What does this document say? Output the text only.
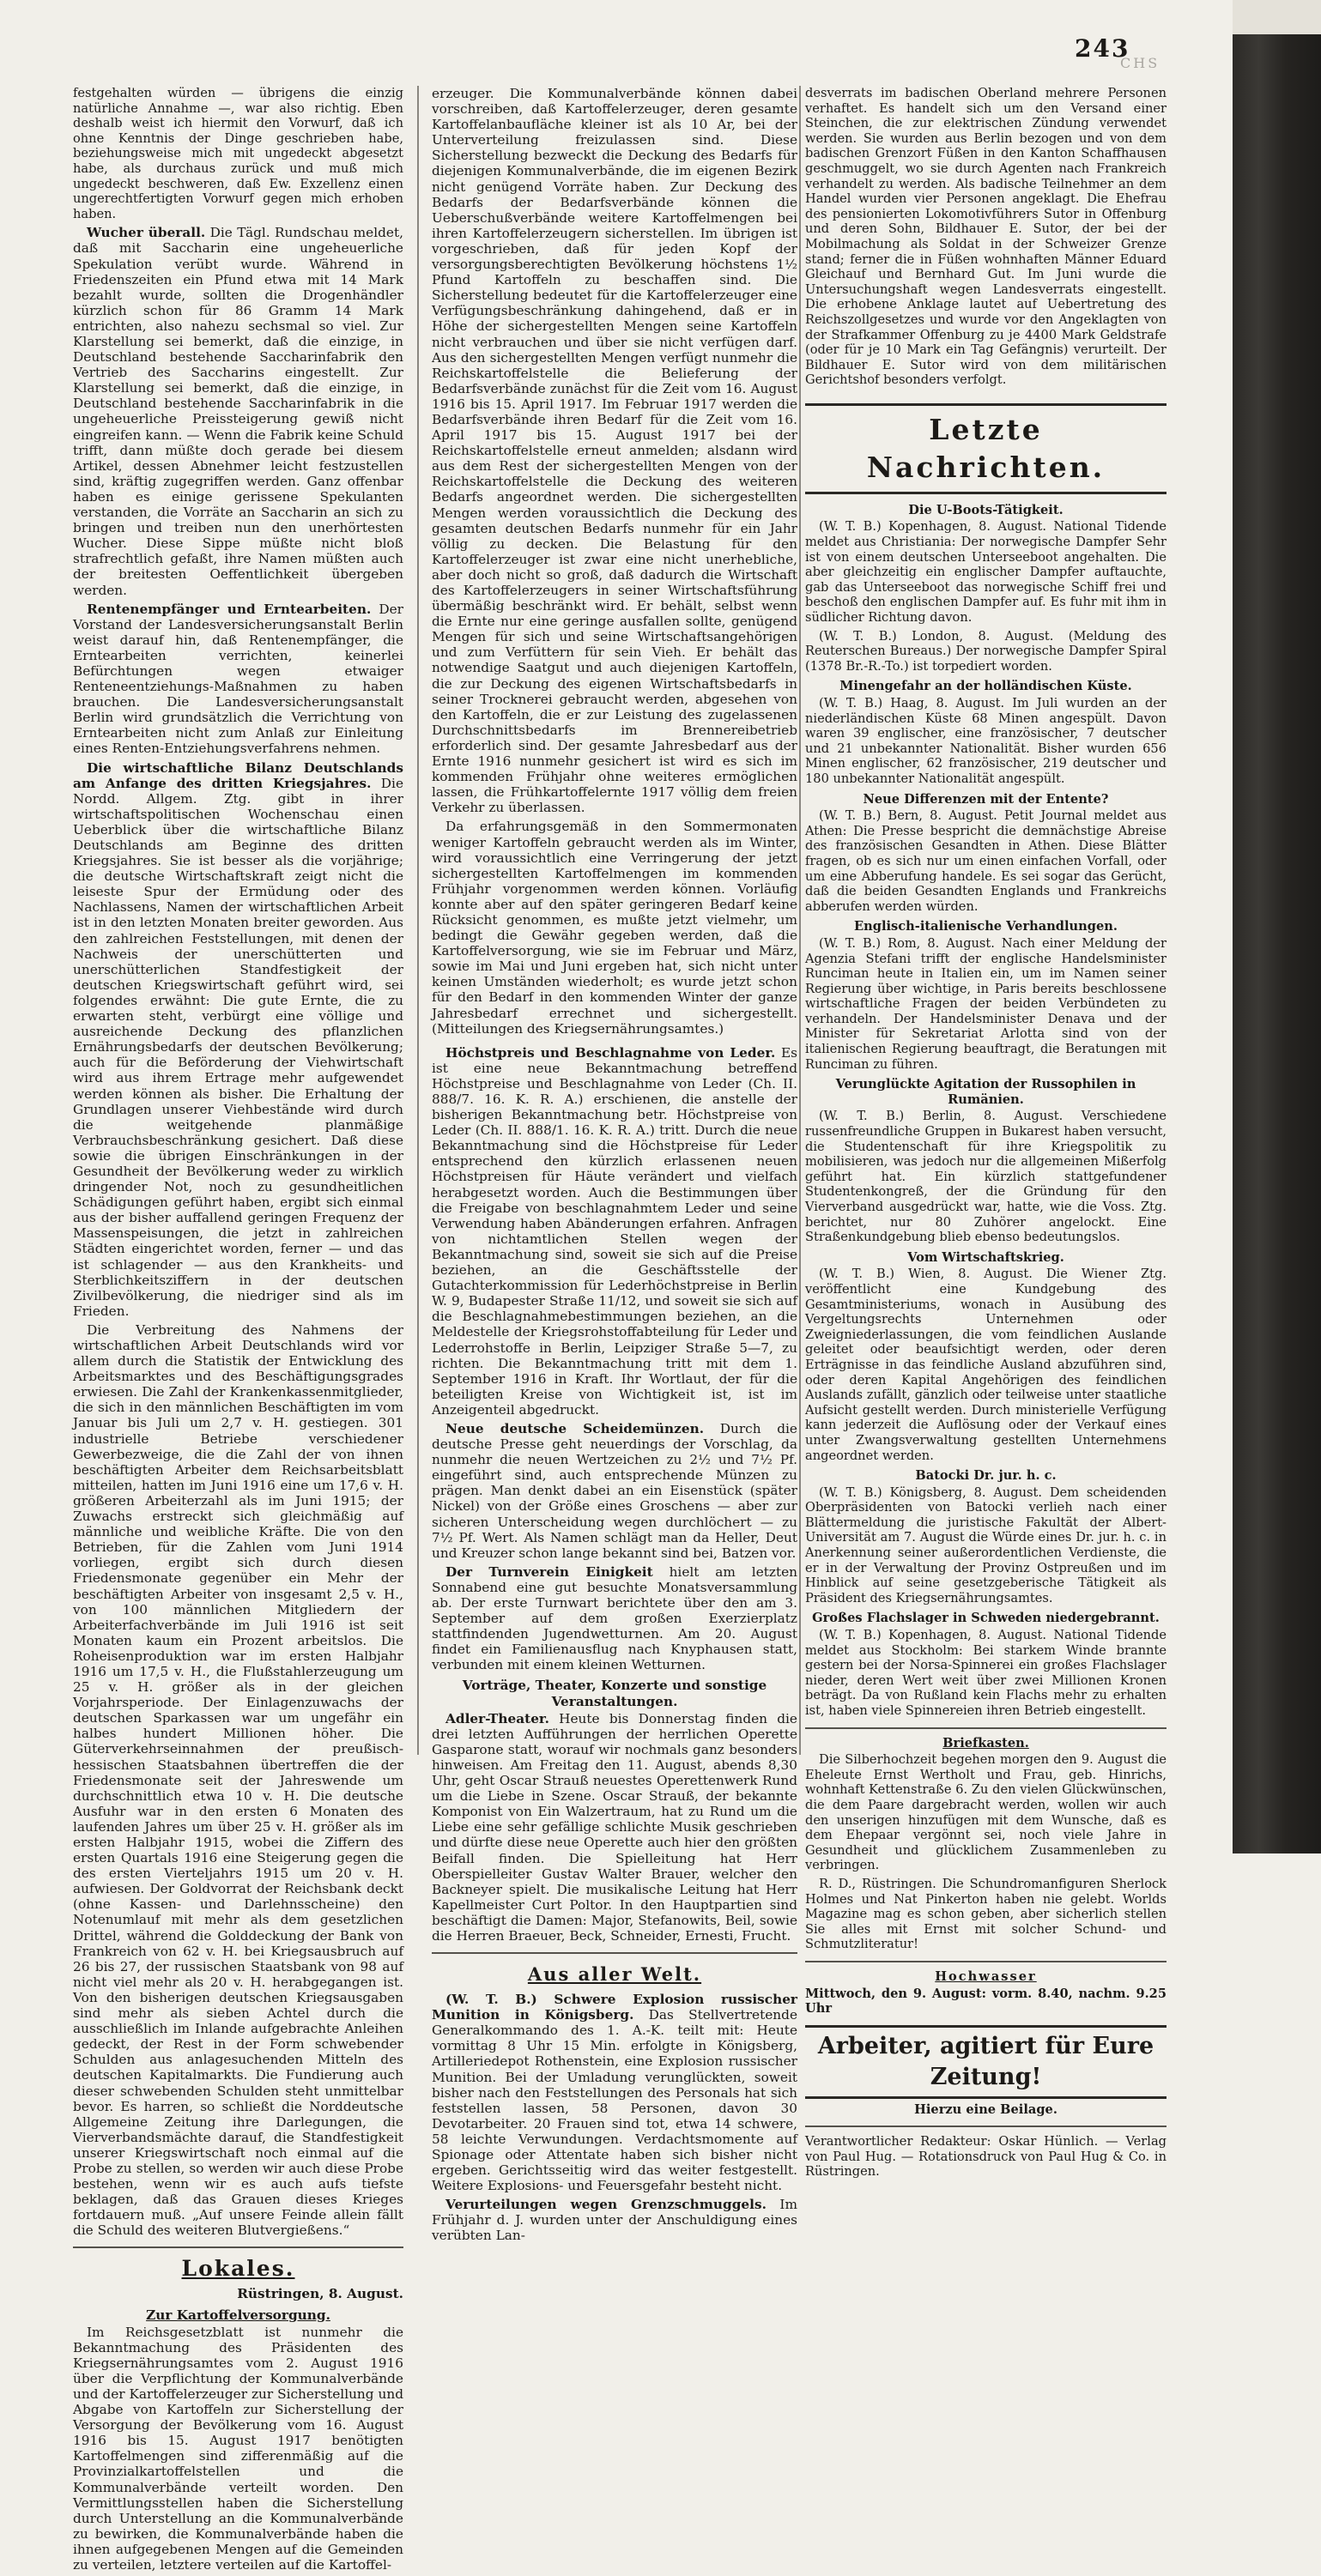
243
CHS

festgehalten würden — übrigens die einzig natürliche Annahme —, war also richtig. Eben deshalb weist ich hiermit den Vorwurf, daß ich ohne Kenntnis der Dinge geschrieben habe, beziehungsweise mich mit ungedeckt abgesetzt habe, als durchaus zurück und muß mich ungedeckt beschweren, daß Ew. Exzellenz einen ungerechtfertigten Vorwurf gegen mich erhoben haben.

Wucher überall. Die Tägl. Rundschau meldet, daß mit Saccharin eine ungeheuerliche Spekulation verübt wurde. Während in Friedenszeiten ein Pfund etwa mit 14 Mark bezahlt wurde, sollten die Drogenhändler kürzlich schon für 86 Gramm 14 Mark entrichten, also nahezu sechsmal so viel. Zur Klarstellung sei bemerkt, daß die einzige, in Deutschland bestehende Saccharinfabrik den Vertrieb des Saccharins eingestellt. Zur Klarstellung sei bemerkt, daß die einzige, in Deutschland bestehende Saccharinfabrik in die ungeheuerliche Preissteigerung gewiß nicht eingreifen kann. — Wenn die Fabrik keine Schuld trifft, dann müßte doch gerade bei diesem Artikel, dessen Abnehmer leicht festzustellen sind, kräftig zugegriffen werden. Ganz offenbar haben es einige gerissene Spekulanten verstanden, die Vorräte an Saccharin an sich zu bringen und treiben nun den unerhörtesten Wucher. Diese Sippe müßte nicht bloß strafrechtlich gefaßt, ihre Namen müßten auch der breitesten Oeffentlichkeit übergeben werden.

Rentenempfänger und Erntearbeiten. Der Vorstand der Landesversicherungsanstalt Berlin weist darauf hin, daß Rentenempfänger, die Erntearbeiten verrichten, keinerlei Befürchtungen wegen etwaiger Renteneentziehungs-Maßnahmen zu haben brauchen. Die Landesversicherungsanstalt Berlin wird grundsätzlich die Verrichtung von Erntearbeiten nicht zum Anlaß zur Einleitung eines Renten-Entziehungsverfahrens nehmen.

Die wirtschaftliche Bilanz Deutschlands am Anfange des dritten Kriegsjahres. Die Nordd. Allgem. Ztg. gibt in ihrer wirtschaftspolitischen Wochenschau einen Ueberblick über die wirtschaftliche Bilanz Deutschlands am Beginne des dritten Kriegsjahres. Sie ist besser als die vorjährige; die deutsche Wirtschaftskraft zeigt nicht die leiseste Spur der Ermüdung oder des Nachlassens, Namen der wirtschaftlichen Arbeit ist in den letzten Monaten breiter geworden. Aus den zahlreichen Feststellungen, mit denen der Nachweis der unerschütterten und unerschütterlichen Standfestigkeit der deutschen Kriegswirtschaft geführt wird, sei folgendes erwähnt: Die gute Ernte, die zu erwarten steht, verbürgt eine völlige und ausreichende Deckung des pflanzlichen Ernährungsbedarfs der deutschen Bevölkerung; auch für die Beförderung der Viehwirtschaft wird aus ihrem Ertrage mehr aufgewendet werden können als bisher. Die Erhaltung der Grundlagen unserer Viehbestände wird durch die weitgehende planmäßige Verbrauchsbeschränkung gesichert. Daß diese sowie die übrigen Einschränkungen in der Gesundheit der Bevölkerung weder zu wirklich dringender Not, noch zu gesundheitlichen Schädigungen geführt haben, ergibt sich einmal aus der bisher auffallend geringen Frequenz der Massenspeisungen, die jetzt in zahlreichen Städten eingerichtet worden, ferner — und das ist schlagender — aus den Krankheits- und Sterblichkeitsziffern in der deutschen Zivilbevölkerung, die niedriger sind als im Frieden.

Die Verbreitung des Nahmens der wirtschaftlichen Arbeit Deutschlands wird vor allem durch die Statistik der Entwicklung des Arbeitsmarktes und des Beschäftigungsgrades erwiesen. Die Zahl der Krankenkassenmitglieder, die sich in den männlichen Beschäftigten im vom Januar bis Juli um 2,7 v. H. gestiegen. 301 industrielle Betriebe verschiedener Gewerbezweige, die die Zahl der von ihnen beschäftigten Arbeiter dem Reichsarbeitsblatt mitteilen, hatten im Juni 1916 eine um 17,6 v. H. größeren Arbeiterzahl als im Juni 1915; der Zuwachs erstreckt sich gleichmäßig auf männliche und weibliche Kräfte. Die von den Betrieben, für die Zahlen vom Juni 1914 vorliegen, ergibt sich durch diesen Friedensmonate gegenüber ein Mehr der beschäftigten Arbeiter von insgesamt 2,5 v. H., von 100 männlichen Mitgliedern der Arbeiterfachverbände im Juli 1916 ist seit Monaten kaum ein Prozent arbeitslos. Die Roheisenproduktion war im ersten Halbjahr 1916 um 17,5 v. H., die Flußstahlerzeugung um 25 v. H. größer als in der gleichen Vorjahrsperiode. Der Einlagenzuwachs der deutschen Sparkassen war um ungefähr ein halbes hundert Millionen höher. Die Güterverkehrseinnahmen der preußisch-hessischen Staatsbahnen übertreffen die der Friedensmonate seit der Jahreswende um durchschnittlich etwa 10 v. H. Die deutsche Ausfuhr war in den ersten 6 Monaten des laufenden Jahres um über 25 v. H. größer als im ersten Halbjahr 1915, wobei die Ziffern des ersten Quartals 1916 eine Steigerung gegen die des ersten Vierteljahrs 1915 um 20 v. H. aufwiesen. Der Goldvorrat der Reichsbank deckt (ohne Kassen- und Darlehnsscheine) den Notenumlauf mit mehr als dem gesetzlichen Drittel, während die Golddeckung der Bank von Frankreich von 62 v. H. bei Kriegsausbruch auf 26 bis 27, der russischen Staatsbank von 98 auf nicht viel mehr als 20 v. H. herabgegangen ist. Von den bisherigen deutschen Kriegsausgaben sind mehr als sieben Achtel durch die ausschließlich im Inlande aufgebrachte Anleihen gedeckt, der Rest in der Form schwebender Schulden aus anlagesuchenden Mitteln des deutschen Kapitalmarkts. Die Fundierung auch dieser schwebenden Schulden steht unmittelbar bevor. Es harren, so schließt die Norddeutsche Allgemeine Zeitung ihre Darlegungen, die Vierverbandsmächte darauf, die Standfestigkeit unserer Kriegswirtschaft noch einmal auf die Probe zu stellen, so werden wir auch diese Probe bestehen, wenn wir es auch aufs tiefste beklagen, daß das Grauen dieses Krieges fortdauern muß. „Auf unsere Feinde allein fällt die Schuld des weiteren Blutvergießens.“

Lokales.

Rüstringen, 8. August.

Zur Kartoffelversorgung.

Im Reichsgesetzblatt ist nunmehr die Bekanntmachung des Präsidenten des Kriegsernährungsamtes vom 2. August 1916 über die Verpflichtung der Kommunalverbände und der Kartoffelerzeuger zur Sicherstellung und Abgabe von Kartoffeln zur Sicherstellung der Versorgung der Bevölkerung vom 16. August 1916 bis 15. August 1917 benötigten Kartoffelmengen sind zifferenmäßig auf die Provinzialkartoffelstellen und die Kommunalverbände verteilt worden. Den Vermittlungsstellen haben die Sicherstellung durch Unterstellung an die Kommunalverbände zu bewirken, die Kommunalverbände haben die ihnen aufgegebenen Mengen auf die Gemeinden zu verteilen, letztere verteilen auf die Kartoffel-

erzeuger. Die Kommunalverbände können dabei vorschreiben, daß Kartoffelerzeuger, deren gesamte Kartoffelanbaufläche kleiner ist als 10 Ar, bei der Unterverteilung freizulassen sind. Diese Sicherstellung bezweckt die Deckung des Bedarfs für diejenigen Kommunalverbände, die im eigenen Bezirk nicht genügend Vorräte haben. Zur Deckung des Bedarfs der Bedarfsverbände können die Ueberschußverbände weitere Kartoffelmengen bei ihren Kartoffelerzeugern sicherstellen. Im übrigen ist vorgeschrieben, daß für jeden Kopf der versorgungsberechtigten Bevölkerung höchstens 1½ Pfund Kartoffeln zu beschaffen sind. Die Sicherstellung bedeutet für die Kartoffelerzeuger eine Verfügungsbeschränkung dahingehend, daß er in Höhe der sichergestellten Mengen seine Kartoffeln nicht verbrauchen und über sie nicht verfügen darf. Aus den sichergestellten Mengen verfügt nunmehr die Reichskartoffelstelle die Belieferung der Bedarfsverbände zunächst für die Zeit vom 16. August 1916 bis 15. April 1917. Im Februar 1917 werden die Bedarfsverbände ihren Bedarf für die Zeit vom 16. April 1917 bis 15. August 1917 bei der Reichskartoffelstelle erneut anmelden; alsdann wird aus dem Rest der sichergestellten Mengen von der Reichskartoffelstelle die Deckung des weiteren Bedarfs angeordnet werden. Die sichergestellten Mengen werden voraussichtlich die Deckung des gesamten deutschen Bedarfs nunmehr für ein Jahr völlig zu decken. Die Belastung für den Kartoffelerzeuger ist zwar eine nicht unerhebliche, aber doch nicht so groß, daß dadurch die Wirtschaft des Kartoffelerzeugers in seiner Wirtschaftsführung übermäßig beschränkt wird. Er behält, selbst wenn die Ernte nur eine geringe ausfallen sollte, genügend Mengen für sich und seine Wirtschaftsangehörigen und zum Verfüttern für sein Vieh. Er behält das notwendige Saatgut und auch diejenigen Kartoffeln, die zur Deckung des eigenen Wirtschaftsbedarfs in seiner Trocknerei gebraucht werden, abgesehen von den Kartoffeln, die er zur Leistung des zugelassenen Durchschnittsbedarfs im Brennereibetrieb erforderlich sind. Der gesamte Jahresbedarf aus der Ernte 1916 nunmehr gesichert ist wird es sich im kommenden Frühjahr ohne weiteres ermöglichen lassen, die Frühkartoffelernte 1917 völlig dem freien Verkehr zu überlassen.

Da erfahrungsgemäß in den Sommermonaten weniger Kartoffeln gebraucht werden als im Winter, wird voraussichtlich eine Verringerung der jetzt sichergestellten Kartoffelmengen im kommenden Frühjahr vorgenommen werden können. Vorläufig konnte aber auf den später geringeren Bedarf keine Rücksicht genommen, es mußte jetzt vielmehr, um bedingt die Gewähr gegeben werden, daß die Kartoffelversorgung, wie sie im Februar und März, sowie im Mai und Juni ergeben hat, sich nicht unter keinen Umständen wiederholt; es wurde jetzt schon für den Bedarf in den kommenden Winter der ganze Jahresbedarf errechnet und sichergestellt. (Mitteilungen des Kriegsernährungsamtes.)

Höchstpreis und Beschlagnahme von Leder. Es ist eine neue Bekanntmachung betreffend Höchstpreise und Beschlagnahme von Leder (Ch. II. 888/7. 16. K. R. A.) erschienen, die anstelle der bisherigen Bekanntmachung betr. Höchstpreise von Leder (Ch. II. 888/1. 16. K. R. A.) tritt. Durch die neue Bekanntmachung sind die Höchstpreise für Leder entsprechend den kürzlich erlassenen neuen Höchstpreisen für Häute verändert und vielfach herabgesetzt worden. Auch die Bestimmungen über die Freigabe von beschlagnahmtem Leder und seine Verwendung haben Abänderungen erfahren. Anfragen von nichtamtlichen Stellen wegen der Bekanntmachung sind, soweit sie sich auf die Preise beziehen, an die Geschäftsstelle der Gutachterkommission für Lederhöchstpreise in Berlin W. 9, Budapester Straße 11/12, und soweit sie sich auf die Beschlagnahmebestimmungen beziehen, an die Meldestelle der Kriegsrohstoffabteilung für Leder und Lederrohstoffe in Berlin, Leipziger Straße 5—7, zu richten. Die Bekanntmachung tritt mit dem 1. September 1916 in Kraft. Ihr Wortlaut, der für die beteiligten Kreise von Wichtigkeit ist, ist im Anzeigenteil abgedruckt.

Neue deutsche Scheidemünzen. Durch die deutsche Presse geht neuerdings der Vorschlag, da nunmehr die neuen Wertzeichen zu 2½ und 7½ Pf. eingeführt sind, auch entsprechende Münzen zu prägen. Man denkt dabei an ein Eisenstück (später Nickel) von der Größe eines Groschens — aber zur sicheren Unterscheidung wegen durchlöchert — zu 7½ Pf. Wert. Als Namen schlägt man da Heller, Deut und Kreuzer schon lange bekannt sind bei, Batzen vor.

Der Turnverein Einigkeit hielt am letzten Sonnabend eine gut besuchte Monatsversammlung ab. Der erste Turnwart berichtete über den am 3. September auf dem großen Exerzierplatz stattfindenden Jugendwetturnen. Am 20. August findet ein Familienausflug nach Knyphausen statt, verbunden mit einem kleinen Wetturnen.

Vorträge, Theater, Konzerte und sonstige Veranstaltungen.

Adler-Theater. Heute bis Donnerstag finden die drei letzten Aufführungen der herrlichen Operette Gasparone statt, worauf wir nochmals ganz besonders hinweisen. Am Freitag den 11. August, abends 8,30 Uhr, geht Oscar Strauß neuestes Operettenwerk Rund um die Liebe in Szene. Oscar Strauß, der bekannte Komponist von Ein Walzertraum, hat zu Rund um die Liebe eine sehr gefällige schlichte Musik geschrieben und dürfte diese neue Operette auch hier den größten Beifall finden. Die Spielleitung hat Herr Oberspielleiter Gustav Walter Brauer, welcher den Backneyer spielt. Die musikalische Leitung hat Herr Kapellmeister Curt Poltor. In den Hauptpartien sind beschäftigt die Damen: Major, Stefanowits, Beil, sowie die Herren Braeuer, Beck, Schneider, Ernesti, Frucht.

Aus aller Welt.

(W. T. B.) Schwere Explosion russischer Munition in Königsberg. Das Stellvertretende Generalkommando des 1. A.-K. teilt mit: Heute vormittag 8 Uhr 15 Min. erfolgte in Königsberg, Artilleriedepot Rothenstein, eine Explosion russischer Munition. Bei der Umladung verunglückten, soweit bisher nach den Feststellungen des Personals hat sich feststellen lassen, 58 Personen, davon 30 Devotarbeiter. 20 Frauen sind tot, etwa 14 schwere, 58 leichte Verwundungen. Verdachtsmomente auf Spionage oder Attentate haben sich bisher nicht ergeben. Gerichtsseitig wird das weiter festgestellt. Weitere Explosions- und Feuersgefahr besteht nicht.

Verurteilungen wegen Grenzschmuggels. Im Frühjahr d. J. wurden unter der Anschuldigung eines verübten Lan-

desverrats im badischen Oberland mehrere Personen verhaftet. Es handelt sich um den Versand einer Steinchen, die zur elektrischen Zündung verwendet werden. Sie wurden aus Berlin bezogen und von dem badischen Grenzort Füßen in den Kanton Schaffhausen geschmuggelt, wo sie durch Agenten nach Frankreich verhandelt zu werden. Als badische Teilnehmer an dem Handel wurden vier Personen angeklagt. Die Ehefrau des pensionierten Lokomotivführers Sutor in Offenburg und deren Sohn, Bildhauer E. Sutor, der bei der Mobilmachung als Soldat in der Schweizer Grenze stand; ferner die in Füßen wohnhaften Männer Eduard Gleichauf und Bernhard Gut. Im Juni wurde die Untersuchungshaft wegen Landesverrats eingestellt. Die erhobene Anklage lautet auf Uebertretung des Reichszollgesetzes und wurde vor den Angeklagten von der Strafkammer Offenburg zu je 4400 Mark Geldstrafe (oder für je 10 Mark ein Tag Gefängnis) verurteilt. Der Bildhauer E. Sutor wird von dem militärischen Gerichtshof besonders verfolgt.

Letzte Nachrichten.

Die U-Boots-Tätigkeit.

(W. T. B.) Kopenhagen, 8. August. National Tidende meldet aus Christiania: Der norwegische Dampfer Sehr ist von einem deutschen Unterseeboot angehalten. Die aber gleichzeitig ein englischer Dampfer auftauchte, gab das Unterseeboot das norwegische Schiff frei und beschoß den englischen Dampfer auf. Es fuhr mit ihm in südlicher Richtung davon.

(W. T. B.) London, 8. August. (Meldung des Reuterschen Bureaus.) Der norwegische Dampfer Spiral (1378 Br.-R.-To.) ist torpediert worden.

Minengefahr an der holländischen Küste.

(W. T. B.) Haag, 8. August. Im Juli wurden an der niederländischen Küste 68 Minen angespült. Davon waren 39 englischer, eine französischer, 7 deutscher und 21 unbekannter Nationalität. Bisher wurden 656 Minen englischer, 62 französischer, 219 deutscher und 180 unbekannter Nationalität angespült.

Neue Differenzen mit der Entente?

(W. T. B.) Bern, 8. August. Petit Journal meldet aus Athen: Die Presse bespricht die demnächstige Abreise des französischen Gesandten in Athen. Diese Blätter fragen, ob es sich nur um einen einfachen Vorfall, oder um eine Abberufung handele. Es sei sogar das Gerücht, daß die beiden Gesandten Englands und Frankreichs abberufen werden würden.

Englisch-italienische Verhandlungen.

(W. T. B.) Rom, 8. August. Nach einer Meldung der Agenzia Stefani trifft der englische Handelsminister Runciman heute in Italien ein, um im Namen seiner Regierung über wichtige, in Paris bereits beschlossene wirtschaftliche Fragen der beiden Verbündeten zu verhandeln. Der Handelsminister Denava und der Minister für Sekretariat Arlotta sind von der italienischen Regierung beauftragt, die Beratungen mit Runciman zu führen.

Verunglückte Agitation der Russophilen in Rumänien.

(W. T. B.) Berlin, 8. August. Verschiedene russenfreundliche Gruppen in Bukarest haben versucht, die Studentenschaft für ihre Kriegspolitik zu mobilisieren, was jedoch nur die allgemeinen Mißerfolg geführt hat. Ein kürzlich stattgefundener Studentenkongreß, der die Gründung für den Vierverband ausgedrückt war, hatte, wie die Voss. Ztg. berichtet, nur 80 Zuhörer angelockt. Eine Straßenkundgebung blieb ebenso bedeutungslos.

Vom Wirtschaftskrieg.

(W. T. B.) Wien, 8. August. Die Wiener Ztg. veröffentlicht eine Kundgebung des Gesamtministeriums, wonach in Ausübung des Vergeltungsrechts Unternehmen oder Zweigniederlassungen, die vom feindlichen Auslande geleitet oder beaufsichtigt werden, oder deren Erträgnisse in das feindliche Ausland abzuführen sind, oder deren Kapital Angehörigen des feindlichen Auslands zufällt, gänzlich oder teilweise unter staatliche Aufsicht gestellt werden. Durch ministerielle Verfügung kann jederzeit die Auflösung oder der Verkauf eines unter Zwangsverwaltung gestellten Unternehmens angeordnet werden.

Batocki Dr. jur. h. c.

(W. T. B.) Königsberg, 8. August. Dem scheidenden Oberpräsidenten von Batocki verlieh nach einer Blättermeldung die juristische Fakultät der Albert-Universität am 7. August die Würde eines Dr. jur. h. c. in Anerkennung seiner außerordentlichen Verdienste, die er in der Verwaltung der Provinz Ostpreußen und im Hinblick auf seine gesetzgeberische Tätigkeit als Präsident des Kriegsernährungsamtes.

Großes Flachslager in Schweden niedergebrannt.

(W. T. B.) Kopenhagen, 8. August. National Tidende meldet aus Stockholm: Bei starkem Winde brannte gestern bei der Norsa-Spinnerei ein großes Flachslager nieder, deren Wert weit über zwei Millionen Kronen beträgt. Da von Rußland kein Flachs mehr zu erhalten ist, haben viele Spinnereien ihren Betrieb eingestellt.

Briefkasten.

Die Silberhochzeit begehen morgen den 9. August die Eheleute Ernst Wertholt und Frau, geb. Hinrichs, wohnhaft Kettenstraße 6. Zu den vielen Glückwünschen, die dem Paare dargebracht werden, wollen wir auch den unserigen hinzufügen mit dem Wunsche, daß es dem Ehepaar vergönnt sei, noch viele Jahre in Gesundheit und glücklichem Zusammenleben zu verbringen.

R. D., Rüstringen. Die Schundromanfiguren Sherlock Holmes und Nat Pinkerton haben nie gelebt. Worlds Magazine mag es schon geben, aber sicherlich stellen Sie alles mit Ernst mit solcher Schund- und Schmutzliteratur!

Hochwasser

Mittwoch, den 9. August: vorm. 8.40, nachm. 9.25 Uhr

Arbeiter, agitiert für Eure Zeitung!

Hierzu eine Beilage.

Verantwortlicher Redakteur: Oskar Hünlich. — Verlag von Paul Hug. — Rotationsdruck von Paul Hug & Co. in Rüstringen.
